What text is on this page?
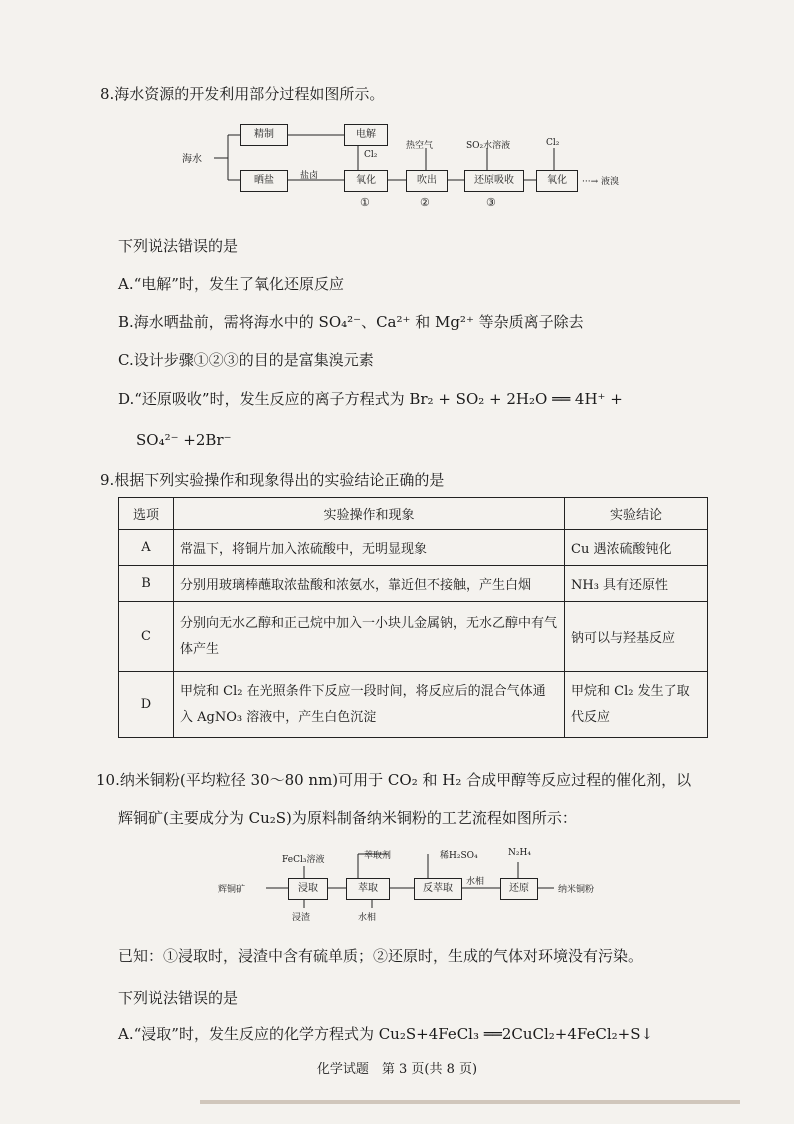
8.海水资源的开发利用部分过程如图所示。
海水
精制	电解
晒盐	盐卤
Cl₂
氧化
热空气
吹出
SO₂水溶液
还原吸收
Cl₂
氧化	···→ 液溴
①	②	③
下列说法错误的是
A.“电解”时，发生了氧化还原反应
B.海水晒盐前，需将海水中的 SO₄²⁻、Ca²⁺ 和 Mg²⁺ 等杂质离子除去
C.设计步骤①②③的目的是富集溴元素
D.“还原吸收”时，发生反应的离子方程式为 Br₂ + SO₂ + 2H₂O ══ 4H⁺ +
SO₄²⁻ +2Br⁻
9.根据下列实验操作和现象得出的实验结论正确的是
选项	实验操作和现象	实验结论
A	常温下，将铜片加入浓硫酸中，无明显现象	Cu 遇浓硫酸钝化
B	分别用玻璃棒蘸取浓盐酸和浓氨水，靠近但不接触，产生白烟	NH₃ 具有还原性
C	分别向无水乙醇和正己烷中加入一小块儿金属钠，无水乙醇中有气体产生	钠可以与羟基反应
D	甲烷和 Cl₂ 在光照条件下反应一段时间，将反应后的混合气体通入 AgNO₃ 溶液中，产生白色沉淀	甲烷和 Cl₂ 发生了取代反应
10.纳米铜粉(平均粒径 30～80 nm)可用于 CO₂ 和 H₂ 合成甲醇等反应过程的催化剂，以
辉铜矿(主要成分为 Cu₂S)为原料制备纳米铜粉的工艺流程如图所示：
辉铜矿
FeCl₃溶液
浸取
浸渣
萃取剂
萃取
水相
稀H₂SO₄
反萃取
水相
N₂H₄
还原	纳米铜粉
已知：①浸取时，浸渣中含有硫单质；②还原时，生成的气体对环境没有污染。
下列说法错误的是
A.“浸取”时，发生反应的化学方程式为 Cu₂S+4FeCl₃ ══2CuCl₂+4FeCl₂+S↓
化学试题　第 3 页(共 8 页)
